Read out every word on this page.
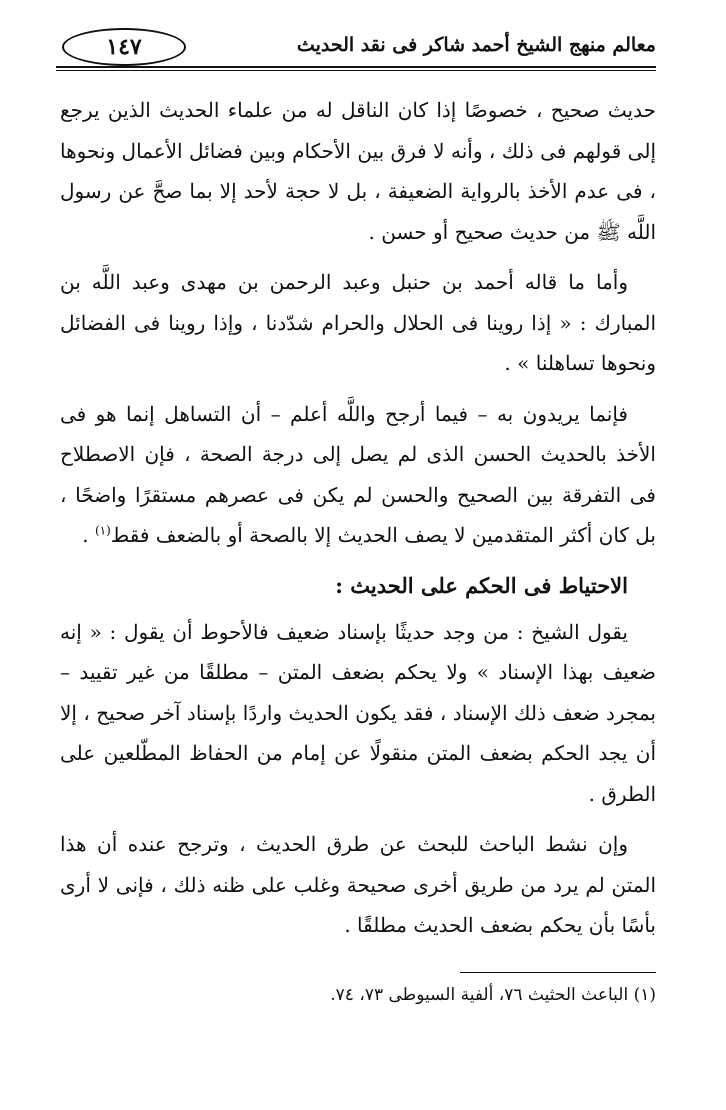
١٤٧	معالم منهج الشيخ أحمد شاكر فى نقد الحديث

حديث صحيح ، خصوصًا إذا كان الناقل له من علماء الحديث الذين يرجع إلى قولهم فى ذلك ، وأنه لا فرق بين الأحكام وبين فضائل الأعمال ونحوها ، فى عدم الأخذ بالرواية الضعيفة ، بل لا حجة لأحد إلا بما صحَّ عن رسول اللَّه ﷺ من حديث صحيح أو حسن .

وأما ما قاله أحمد بن حنبل وعبد الرحمن بن مهدى وعبد اللَّه بن المبارك : « إذا روينا فى الحلال والحرام شدّدنا ، وإذا روينا فى الفضائل ونحوها تساهلنا » .

فإنما يريدون به – فيما أرجح واللَّه أعلم – أن التساهل إنما هو فى الأخذ بالحديث الحسن الذى لم يصل إلى درجة الصحة ، فإن الاصطلاح فى التفرقة بين الصحيح والحسن لم يكن فى عصرهم مستقرًا واضحًا ، بل كان أكثر المتقدمين لا يصف الحديث إلا بالصحة أو بالضعف فقط$^{(١)}$ .

الاحتياط فى الحكم على الحديث :

يقول الشيخ : من وجد حديثًا بإسناد ضعيف فالأحوط أن يقول : « إنه ضعيف بهذا الإسناد » ولا يحكم بضعف المتن – مطلقًا من غير تقييد – بمجرد ضعف ذلك الإسناد ، فقد يكون الحديث واردًا بإسناد آخر صحيح ، إلا أن يجد الحكم بضعف المتن منقولًا عن إمام من الحفاظ المطّلعين على الطرق .

وإن نشط الباحث للبحث عن طرق الحديث ، وترجح عنده أن هذا المتن لم يرد من طريق أخرى صحيحة وغلب على ظنه ذلك ، فإنى لا أرى بأسًا بأن يحكم بضعف الحديث مطلقًا .

(١) الباعث الحثيث ٧٦، ألفية السيوطى ٧٣، ٧٤.
